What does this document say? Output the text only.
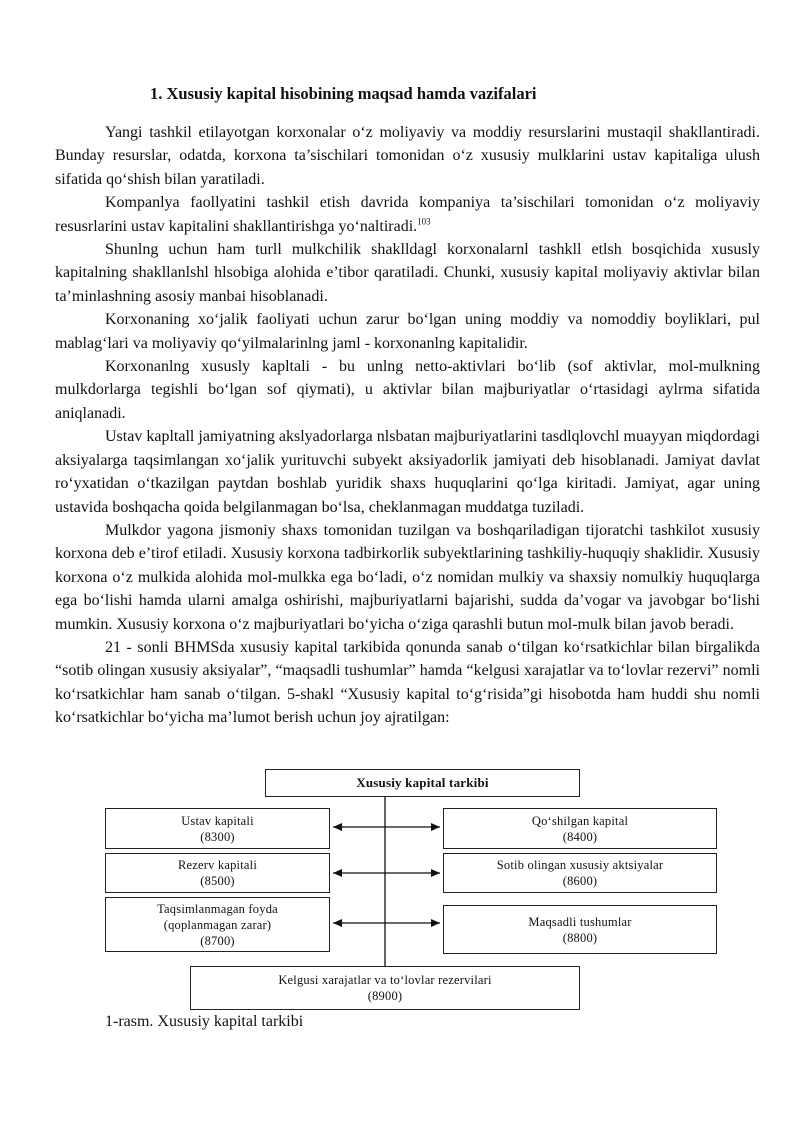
1. Xususiy kapital hisobining maqsad hamda vazifalari

Yangi tashkil etilayotgan korxonalar o‘z moliyaviy va moddiy resurslarini mustaqil shakllantiradi. Bunday resurslar, odatda, korxona ta’sischilari tomonidan o‘z xususiy mulklarini ustav kapitaliga ulush sifatida qo‘shish bilan yaratiladi.

Kompanlya faollyatini tashkil etish davrida kompaniya ta’sischilari tomonidan o‘z moliyaviy resusrlarini ustav kapitalini shakllantirishga yo‘naltiradi.$^{103}$

Shunlng uchun ham turll mulkchilik shaklldagl korxonalarnl tashkll etlsh bosqichida xususly kapitalning shakllanlshl hlsobiga alohida e’tibor qaratiladi. Chunki, xususiy kapital moliyaviy aktivlar bilan ta’minlashning asosiy manbai hisoblanadi.

Korxonaning xo‘jalik faoliyati uchun zarur bo‘lgan uning moddiy va nomoddiy boyliklari, pul mablag‘lari va moliyaviy qo‘yilmalarinlng jaml - korxonanlng kapitalidir.

Korxonanlng xususly kapltali - bu unlng netto-aktivlari bo‘lib (sof aktivlar, mol-mulkning mulkdorlarga tegishli bo‘lgan sof qiymati), u aktivlar bilan majburiyatlar o‘rtasidagi aylrma sifatida aniqlanadi.

Ustav kapltall jamiyatning akslyadorlarga nlsbatan majburiyatlarini tasdlqlovchl muayyan miqdordagi aksiyalarga taqsimlangan xo‘jalik yurituvchi subyekt aksiyadorlik jamiyati deb hisoblanadi. Jamiyat davlat ro‘yxatidan o‘tkazilgan paytdan boshlab yuridik shaxs huquqlarini qo‘lga kiritadi. Jamiyat, agar uning ustavida boshqacha qoida belgilanmagan bo‘lsa, cheklanmagan muddatga tuziladi.

Mulkdor yagona jismoniy shaxs tomonidan tuzilgan va boshqariladigan tijoratchi tashkilot xususiy korxona deb e’tirof etiladi. Xususiy korxona tadbirkorlik subyektlarining tashkiliy-huquqiy shaklidir. Xususiy korxona o‘z mulkida alohida mol-mulkka ega bo‘ladi, o‘z nomidan mulkiy va shaxsiy nomulkiy huquqlarga ega bo‘lishi hamda ularni amalga oshirishi, majburiyatlarni bajarishi, sudda da’vogar va javobgar bo‘lishi mumkin. Xususiy korxona o‘z majburiyatlari bo‘yicha o‘ziga qarashli butun mol-mulk bilan javob beradi.

21 - sonli BHMSda xususiy kapital tarkibida qonunda sanab o‘tilgan ko‘rsatkichlar bilan birgalikda “sotib olingan xususiy aksiyalar”, “maqsadli tushumlar” hamda “kelgusi xarajatlar va to‘lovlar rezervi” nomli ko‘rsatkichlar ham sanab o‘tilgan. 5-shakl “Xususiy kapital to‘g‘risida”gi hisobotda ham huddi shu nomli ko‘rsatkichlar bo‘yicha ma’lumot berish uchun joy ajratilgan:

Xususiy kapital tarkibi
Ustav kapitali
(8300)
Qo‘shilgan kapital
(8400)
Rezerv kapitali
(8500)
Sotib olingan xususiy aktsiyalar
(8600)
Taqsimlanmagan foyda
(qoplanmagan zarar)
(8700)
Maqsadli tushumlar
(8800)
Kelgusi xarajatlar va to‘lovlar rezervilari
(8900)
1-rasm. Xususiy kapital tarkibi
